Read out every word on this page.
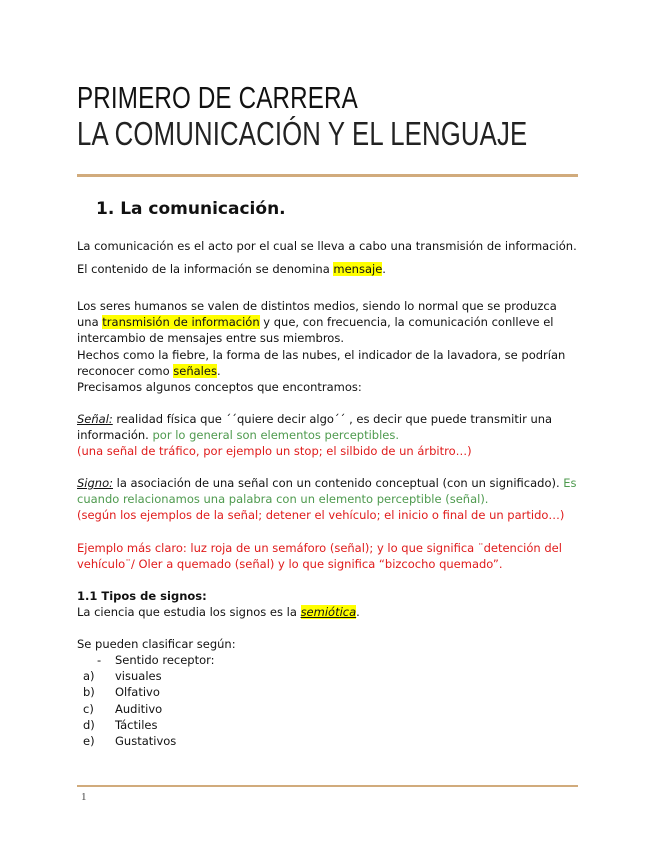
PRIMERO DE CARRERA
LA COMUNICACIÓN Y EL LENGUAJE
1. La comunicación.

La comunicación es el acto por el cual se lleva a cabo una transmisión de información.

El contenido de la información se denomina mensaje.

Los seres humanos se valen de distintos medios, siendo lo normal que se produzca una transmisión de información y que, con frecuencia, la comunicación conlleve el intercambio de mensajes entre sus miembros.
Hechos como la fiebre, la forma de las nubes, el indicador de la lavadora, se podrían reconocer como señales.
Precisamos algunos conceptos que encontramos:
Señal: realidad física que ´´quiere decir algo´´ , es decir que puede transmitir una información. por lo general son elementos perceptibles.
(una señal de tráfico, por ejemplo un stop; el silbido de un árbitro…)
Signo: la asociación de una señal con un contenido conceptual (con un significado). Es cuando relacionamos una palabra con un elemento perceptible (señal).
(según los ejemplos de la señal; detener el vehículo; el inicio o final de un partido…)
Ejemplo más claro: luz roja de un semáforo (señal); y lo que significa ¨detención del vehículo¨/ Oler a quemado (señal) y lo que significa “bizcocho quemado”.
1.1 Tipos de signos:
La ciencia que estudia los signos es la semiótica.
Se pueden clasificar según:
- Sentido receptor:
a) visuales
b) Olfativo
c) Auditivo
d) Táctiles
e) Gustativos
1
